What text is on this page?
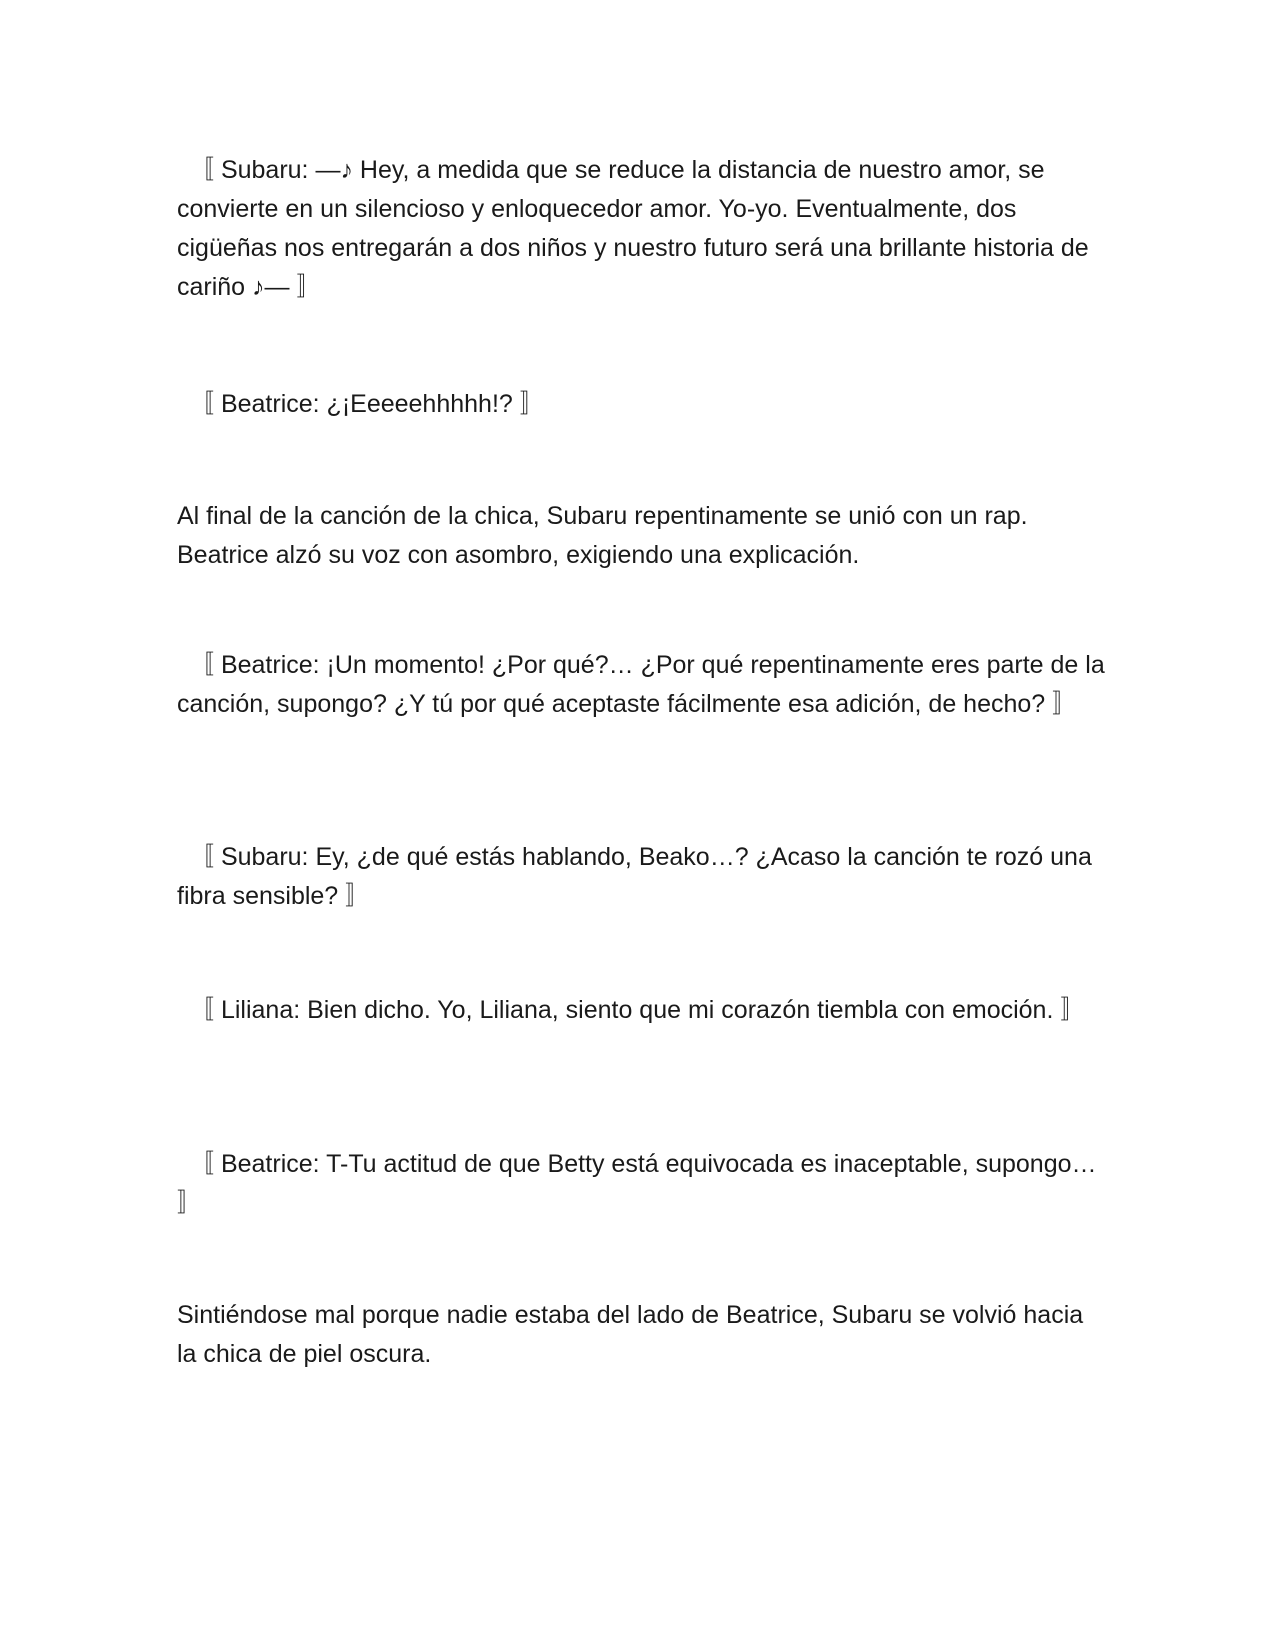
〚 Subaru: —♪ Hey, a medida que se reduce la distancia de nuestro amor, se convierte en un silencioso y enloquecedor amor. Yo-yo. Eventualmente, dos cigüeñas nos entregarán a dos niños y nuestro futuro será una brillante historia de cariño ♪— 〛

〚 Beatrice: ¿¡Eeeeehhhhh!? 〛

Al final de la canción de la chica, Subaru repentinamente se unió con un rap. Beatrice alzó su voz con asombro, exigiendo una explicación.

〚 Beatrice: ¡Un momento! ¿Por qué?… ¿Por qué repentinamente eres parte de la canción, supongo? ¿Y tú por qué aceptaste fácilmente esa adición, de hecho? 〛

〚 Subaru: Ey, ¿de qué estás hablando, Beako…? ¿Acaso la canción te rozó una fibra sensible? 〛

〚 Liliana: Bien dicho. Yo, Liliana, siento que mi corazón tiembla con emoción. 〛

〚 Beatrice: T-Tu actitud de que Betty está equivocada es inaceptable, supongo… 〛

Sintiéndose mal porque nadie estaba del lado de Beatrice, Subaru se volvió hacia la chica de piel oscura.
